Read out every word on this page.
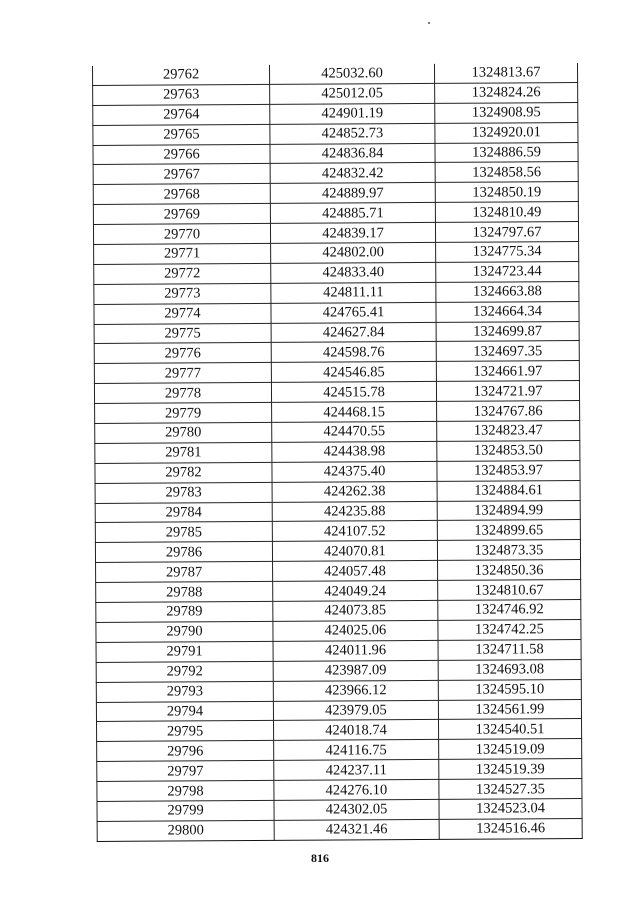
29762	425032.60	1324813.67
29763	425012.05	1324824.26
29764	424901.19	1324908.95
29765	424852.73	1324920.01
29766	424836.84	1324886.59
29767	424832.42	1324858.56
29768	424889.97	1324850.19
29769	424885.71	1324810.49
29770	424839.17	1324797.67
29771	424802.00	1324775.34
29772	424833.40	1324723.44
29773	424811.11	1324663.88
29774	424765.41	1324664.34
29775	424627.84	1324699.87
29776	424598.76	1324697.35
29777	424546.85	1324661.97
29778	424515.78	1324721.97
29779	424468.15	1324767.86
29780	424470.55	1324823.47
29781	424438.98	1324853.50
29782	424375.40	1324853.97
29783	424262.38	1324884.61
29784	424235.88	1324894.99
29785	424107.52	1324899.65
29786	424070.81	1324873.35
29787	424057.48	1324850.36
29788	424049.24	1324810.67
29789	424073.85	1324746.92
29790	424025.06	1324742.25
29791	424011.96	1324711.58
29792	423987.09	1324693.08
29793	423966.12	1324595.10
29794	423979.05	1324561.99
29795	424018.74	1324540.51
29796	424116.75	1324519.09
29797	424237.11	1324519.39
29798	424276.10	1324527.35
29799	424302.05	1324523.04
29800	424321.46	1324516.46
816
